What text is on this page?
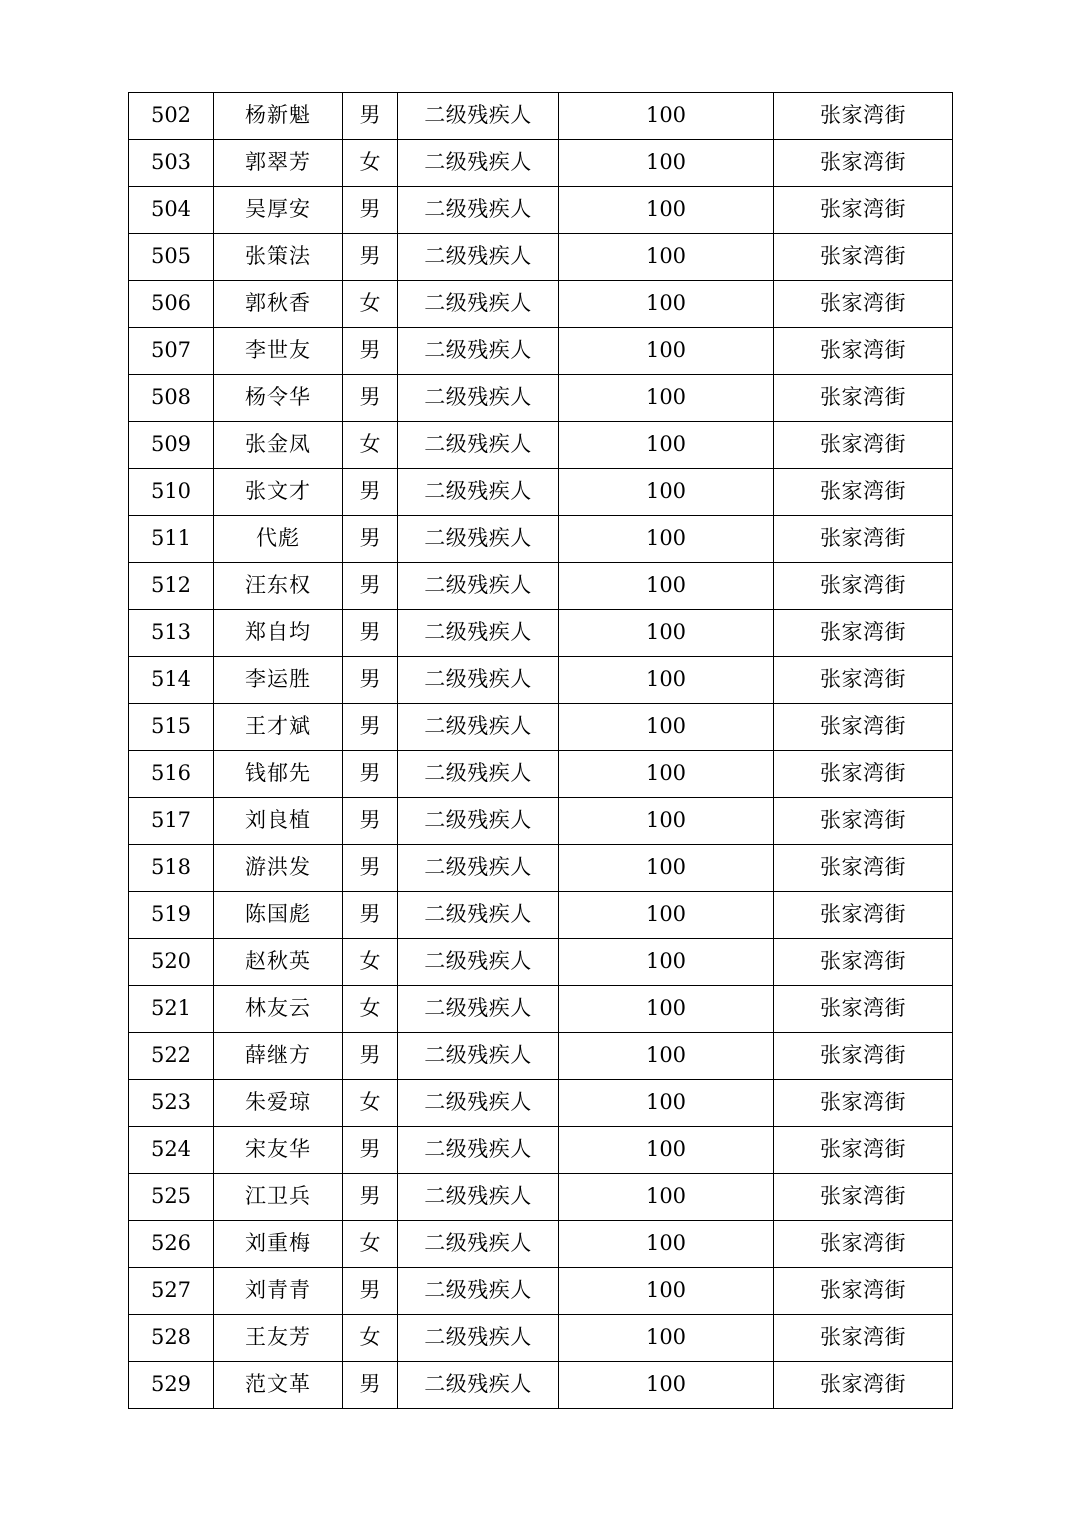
502	杨新魁	男	二级残疾人	100	张家湾街
503	郭翠芳	女	二级残疾人	100	张家湾街
504	吴厚安	男	二级残疾人	100	张家湾街
505	张策法	男	二级残疾人	100	张家湾街
506	郭秋香	女	二级残疾人	100	张家湾街
507	李世友	男	二级残疾人	100	张家湾街
508	杨令华	男	二级残疾人	100	张家湾街
509	张金凤	女	二级残疾人	100	张家湾街
510	张文才	男	二级残疾人	100	张家湾街
511	代彪	男	二级残疾人	100	张家湾街
512	汪东权	男	二级残疾人	100	张家湾街
513	郑自均	男	二级残疾人	100	张家湾街
514	李运胜	男	二级残疾人	100	张家湾街
515	王才斌	男	二级残疾人	100	张家湾街
516	钱郁先	男	二级残疾人	100	张家湾街
517	刘良植	男	二级残疾人	100	张家湾街
518	游洪发	男	二级残疾人	100	张家湾街
519	陈国彪	男	二级残疾人	100	张家湾街
520	赵秋英	女	二级残疾人	100	张家湾街
521	林友云	女	二级残疾人	100	张家湾街
522	薛继方	男	二级残疾人	100	张家湾街
523	朱爱琼	女	二级残疾人	100	张家湾街
524	宋友华	男	二级残疾人	100	张家湾街
525	江卫兵	男	二级残疾人	100	张家湾街
526	刘重梅	女	二级残疾人	100	张家湾街
527	刘青青	男	二级残疾人	100	张家湾街
528	王友芳	女	二级残疾人	100	张家湾街
529	范文革	男	二级残疾人	100	张家湾街
